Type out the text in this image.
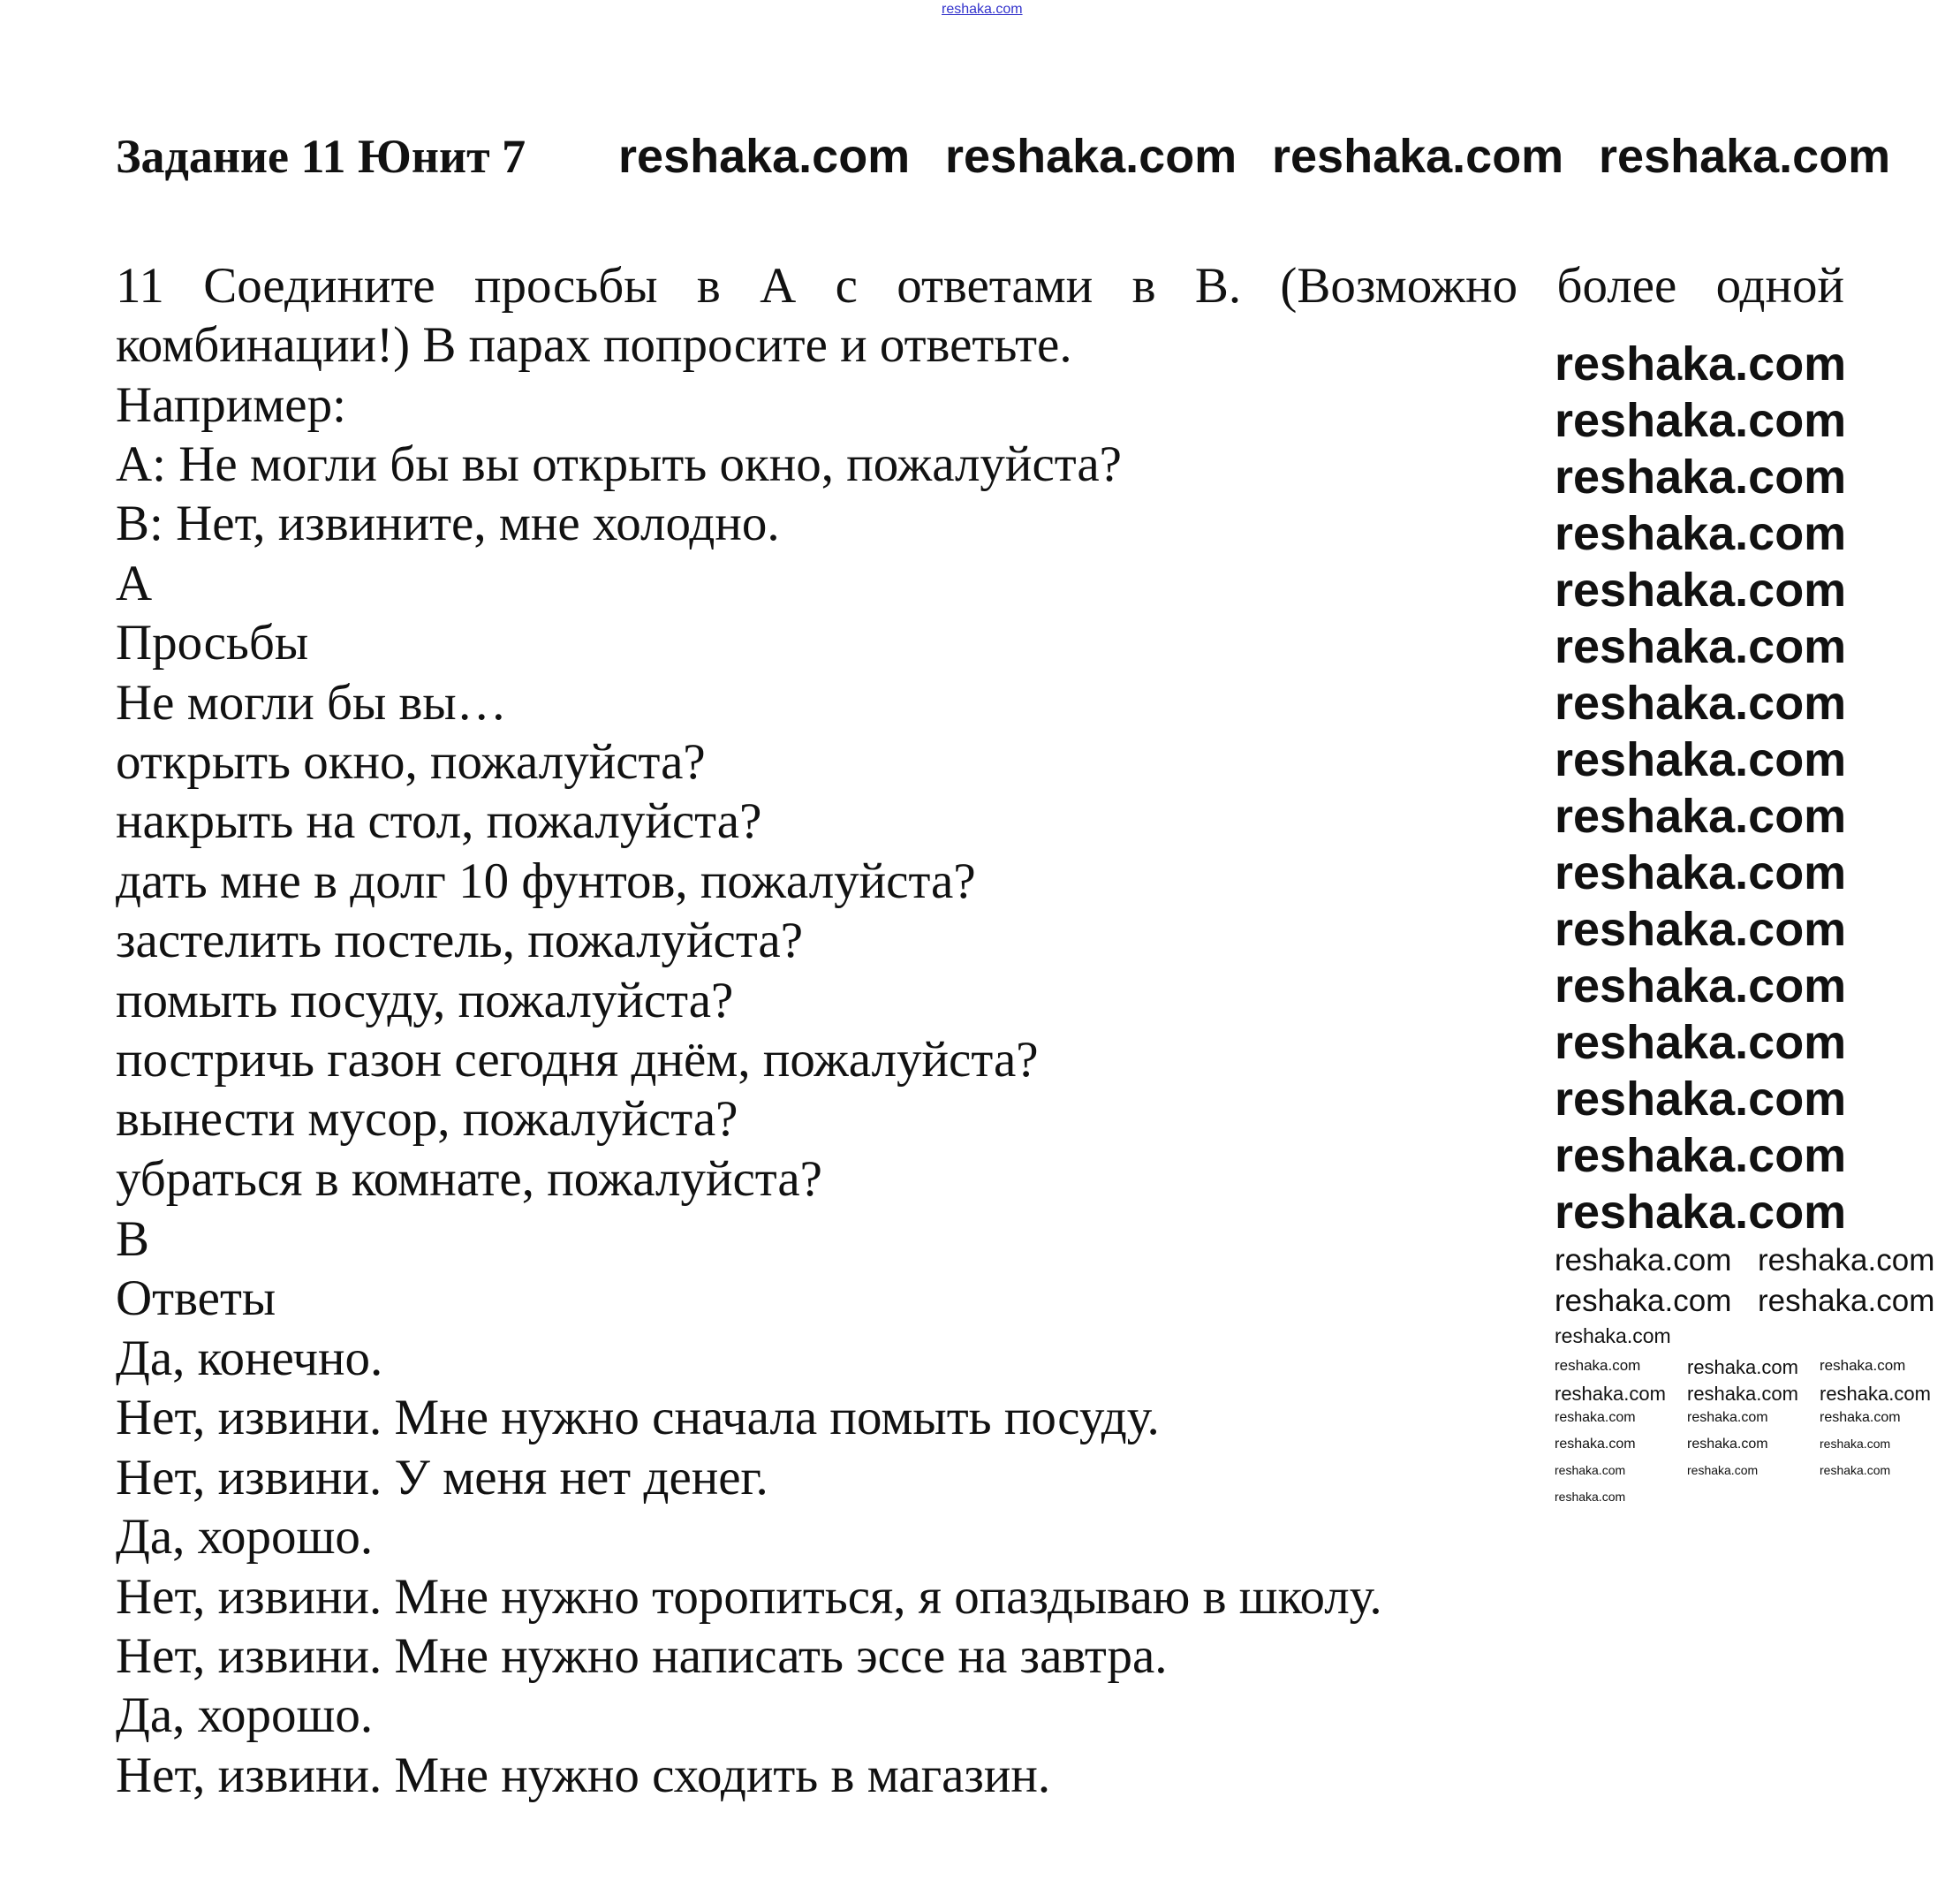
reshaka.com
Задание 11 Юнит 7
11 Соедините просьбы в А с ответами в В. (Возможно более одной
комбинации!) В парах попросите и ответьте.
Например:
A: Не могли бы вы открыть окно, пожалуйста?
B: Нет, извините, мне холодно.
A
Просьбы
Не могли бы вы…
открыть окно, пожалуйста?
накрыть на стол, пожалуйста?
дать мне в долг 10 фунтов, пожалуйста?
застелить постель, пожалуйста?
помыть посуду, пожалуйста?
постричь газон сегодня днём, пожалуйста?
вынести мусор, пожалуйста?
убраться в комнате, пожалуйста?
B
Ответы
Да, конечно.
Нет, извини. Мне нужно сначала помыть посуду.
Нет, извини. У меня нет денег.
Да, хорошо.
Нет, извини. Мне нужно торопиться, я опаздываю в школу.
Нет, извини. Мне нужно написать эссе на завтра.
Да, хорошо.
Нет, извини. Мне нужно сходить в магазин.
reshaka.com reshaka.com reshaka.com reshaka.com
reshaka.com
reshaka.com
reshaka.com
reshaka.com
reshaka.com
reshaka.com
reshaka.com
reshaka.com
reshaka.com
reshaka.com
reshaka.com
reshaka.com
reshaka.com
reshaka.com
reshaka.com
reshaka.com
reshaka.com reshaka.com
reshaka.com reshaka.com
reshaka.com
reshaka.com reshaka.com reshaka.com
reshaka.com reshaka.com reshaka.com
reshaka.com	reshaka.com	reshaka.com
reshaka.com	reshaka.com	reshaka.com
reshaka.com	reshaka.com	reshaka.com
reshaka.com
